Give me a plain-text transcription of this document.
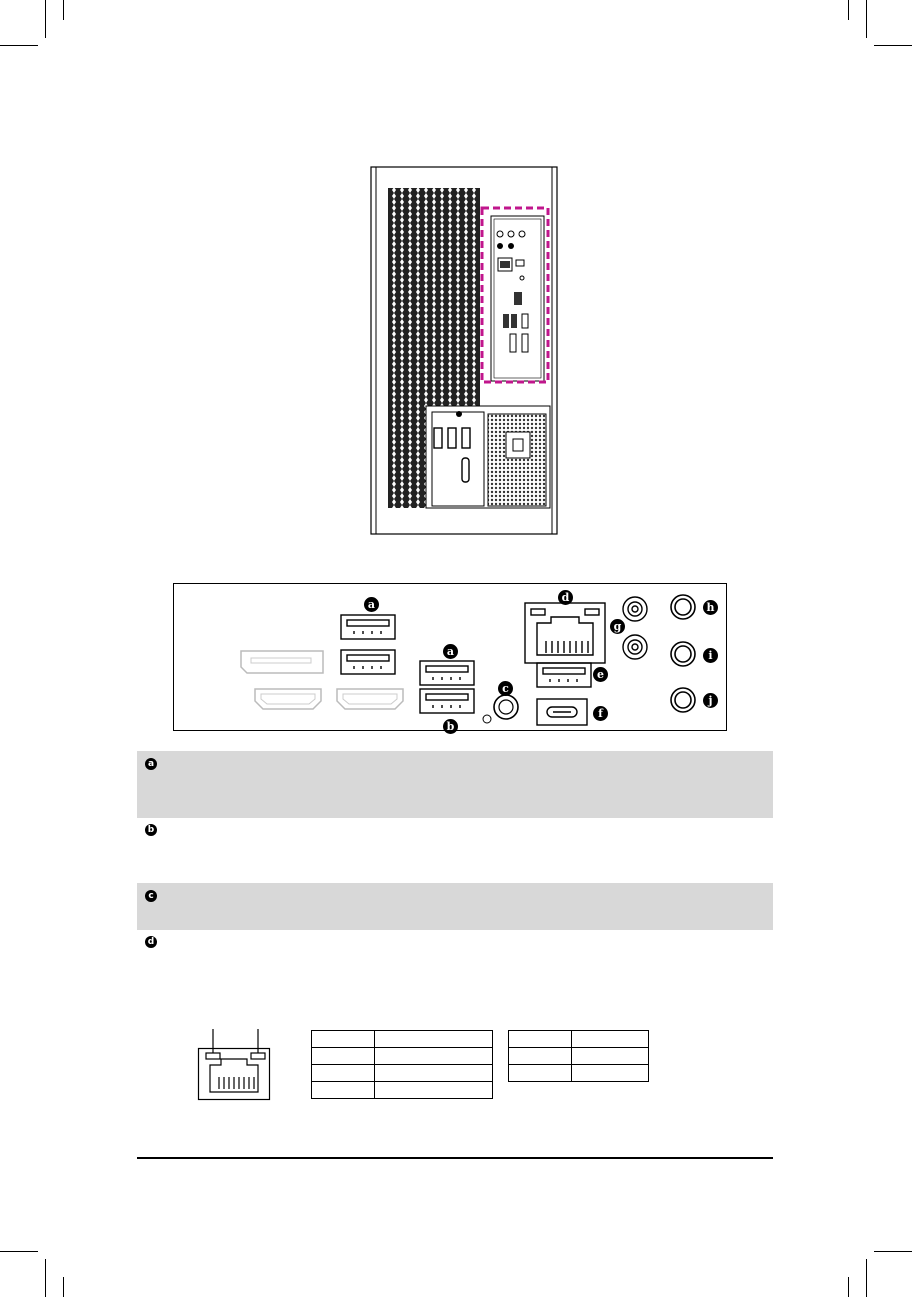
a
a
b
c
d
e
f
g
h
i
j
a
b
c
d
